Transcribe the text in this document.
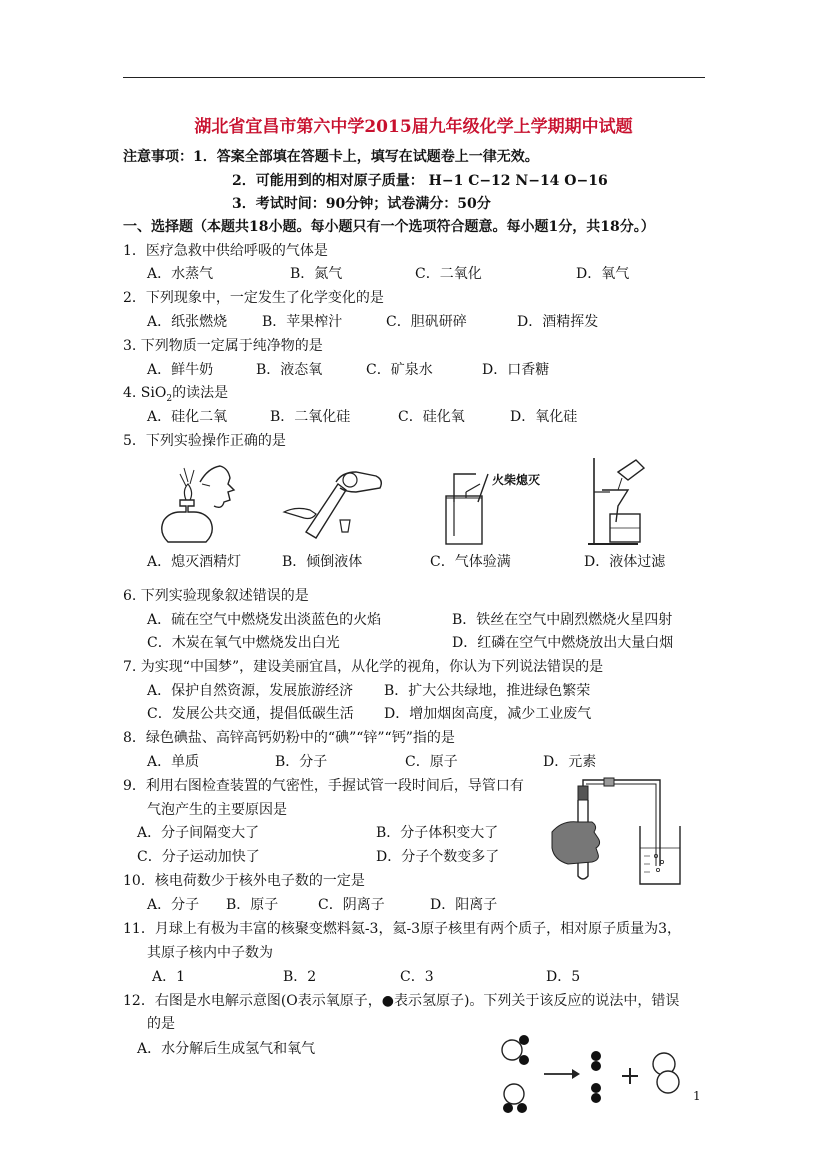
湖北省宜昌市第六中学2015届九年级化学上学期期中试题
注意事项：1．答案全部填在答题卡上，填写在试题卷上一律无效。
2．可能用到的相对原子质量： H−1 C−12 N−14 O−16
3．考试时间：90分钟；试卷满分：50分
一、选择题（本题共18小题。每小题只有一个选项符合题意。每小题1分，共18分。）
1．医疗急救中供给呼吸的气体是
A．水蒸气	B．氮气	C．二氧化	D．氧气
2．下列现象中，一定发生了化学变化的是
A．纸张燃烧 B．苹果榨汁	C．胆矾研碎	D．酒精挥发
3. 下列物质一定属于纯净物的是
A．鲜牛奶	B．液态氧	C．矿泉水	D．口香糖
4. SiO$_2$的读法是
A．硅化二氧	B．二氧化硅	C．硅化氧	D．氧化硅
5．下列实验操作正确的是
火柴熄灭
A．熄灭酒精灯	B．倾倒液体	C．气体验满	D．液体过滤
6. 下列实验现象叙述错误的是
A．硫在空气中燃烧发出淡蓝色的火焰	B．铁丝在空气中剧烈燃烧火星四射
C．木炭在氧气中燃烧发出白光	D．红磷在空气中燃烧放出大量白烟
7. 为实现“中国梦”，建设美丽宜昌，从化学的视角，你认为下列说法错误的是
A．保护自然资源，发展旅游经济 B．扩大公共绿地，推进绿色繁荣
C．发展公共交通，提倡低碳生活 D．增加烟囱高度，减少工业废气
8．绿色碘盐、高锌高钙奶粉中的“碘”“锌”“钙”指的是
A．单质	B．分子	C．原子	D．元素
9．利用右图检查装置的气密性，手握试管一段时间后，导管口有
气泡产生的主要原因是
A．分子间隔变大了	B．分子体积变大了
C．分子运动加快了	D．分子个数变多了
10．核电荷数少于核外电子数的一定是
A．分子 B．原子	C．阴离子	D．阳离子
11．月球上有极为丰富的核聚变燃料氦-3，氦-3原子核里有两个质子，相对原子质量为3，
其原子核内中子数为
A．1	B．2	C．3	D．5
12．右图是水电解示意图(O表示氧原子，●表示氢原子)。下列关于该反应的说法中，错误
的是
A．水分解后生成氢气和氧气
1
